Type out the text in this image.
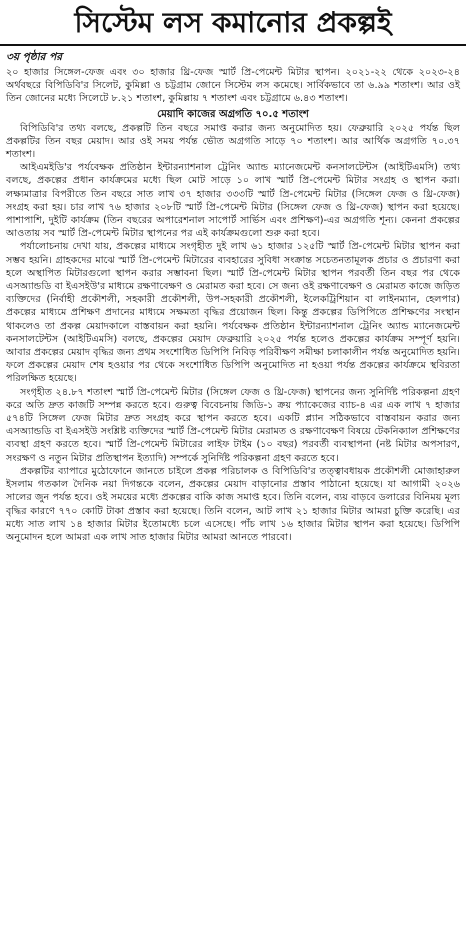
সিস্টেম লস কমানোর প্রকল্পই
৩য় পৃষ্ঠার পর

২০ হাজার সিঙ্গেল-ফেজ এবং ৩০ হাজার থ্রি-ফেজ স্মার্ট প্রি-পেমেন্ট মিটার স্থাপন। ২০২১-২২ থেকে ২০২৩-২৪ অর্থবছরে বিপিডিবি'র সিলেট, কুমিল্লা ও চট্টগ্রাম জোনে সিস্টেম লস কমেছে। সার্বিকভাবে তা ৬.৯৯ শতাংশ। আর ওই তিন জোনের মধ্যে সিলেটে ৮.২১ শতাংশ, কুমিল্লায় ৭ শতাংশ এবং চট্টগ্রামে ৬.৪৩ শতাংশ।

মেয়াদি কাজের অগ্রগতি ৭০.৫ শতাংশ

বিপিডিবি'র তথ্য বলছে, প্রকল্পটি তিন বছরে সমাপ্ত করার জন্য অনুমোদিত হয়। ফেব্রুয়ারি ২০২৫ পর্যন্ত ছিল প্রকল্পটির তিন বছর মেয়াদ। আর ওই সময় পর্যন্ত ভৌত অগ্রগতি সাড়ে ৭০ শতাংশ। আর আর্থিক অগ্রগতি ৭০.৩৭ শতাংশ।

আইএমইডি'র পর্যবেক্ষক প্রতিষ্ঠান ইন্টারন্যাশনাল ট্রেনিং অ্যান্ড ম্যানেজমেন্ট কনসালটেন্টস (আইটিএমসি) তথ্য বলছে, প্রকল্পের প্রধান কার্যক্রমের মধ্যে ছিল মোট সাড়ে ১০ লাখ স্মার্ট প্রি-পেমেন্ট মিটার সংগ্রহ ও স্থাপন করা। লক্ষ্যমাত্রার বিপরীতে তিন বছরে সাত লাখ ৩৭ হাজার ৩৩৩টি স্মার্ট প্রি-পেমেন্ট মিটার (সিঙ্গেল ফেজ ও থ্রি-ফেজ) সংগ্রহ করা হয়। চার লাখ ৭৬ হাজার ২০৮টি স্মার্ট প্রি-পেমেন্ট মিটার (সিঙ্গেল ফেজ ও থ্রি-ফেজ) স্থাপন করা হয়েছে। পাশাপাশি, দুইটি কার্যক্রম (তিন বছরের অপারেশনাল সাপোর্ট সার্ভিস এবং প্রশিক্ষণ)-এর অগ্রগতি শূন্য। কেননা প্রকল্পের আওতায় সব স্মার্ট প্রি-পেমেন্ট মিটার স্থাপনের পর এই কার্যক্রমগুলো শুরু করা হবে।

পর্যালোচনায় দেখা যায়, প্রকল্পের মাধ্যমে সংগৃহীত দুই লাখ ৬১ হাজার ১২৫টি স্মার্ট প্রি-পেমেন্ট মিটার স্থাপন করা সম্ভব হয়নি। গ্রাহকদের মাঝে স্মার্ট প্রি-পেমেন্ট মিটারের ব্যবহারের সুবিধা সংক্রান্ত সচেতনতামূলক প্রচার ও প্রচারণা করা হলে অস্থাপিত মিটারগুলো স্থাপন করার সম্ভাবনা ছিল। স্মার্ট প্রি-পেমেন্ট মিটার স্থাপন পরবর্তী তিন বছর পর থেকে এসঅ্যান্ডডি বা ইএসইউ'র মাধ্যমে রক্ষণাবেক্ষণ ও মেরামত করা হবে। সে জন্য ওই রক্ষণাবেক্ষণ ও মেরামত কাজে জড়িত ব্যক্তিদের (নির্বাহী প্রকৌশলী, সহকারী প্রকৌশলী, উপ-সহকারী প্রকৌশলী, ইলেকট্রিশিয়ান বা লাইনম্যান, হেলপার) প্রকল্পের মাধ্যমে প্রশিক্ষণ প্রদানের মাধ্যমে সক্ষমতা বৃদ্ধির প্রয়োজন ছিল। কিন্তু প্রকল্পের ডিপিপিতে প্রশিক্ষণের সংস্থান থাকলেও তা প্রকল্প মেয়াদকালে বাস্তবায়ন করা হয়নি। পর্যবেক্ষক প্রতিষ্ঠান ইন্টারন্যাশনাল ট্রেনিং অ্যান্ড ম্যানেজমেন্ট কনসালটেন্টস (আইটিএমসি) বলছে, প্রকল্পের মেয়াদ ফেব্রুয়ারি ২০২৫ পর্যন্ত হলেও প্রকল্পের কার্যক্রম সম্পূর্ণ হয়নি। আবার প্রকল্পের মেয়াদ বৃদ্ধির জন্য প্রথম সংশোধিত ডিপিপি নিবিড় পরিবীক্ষণ সমীক্ষা চলাকালীন পর্যন্ত অনুমোদিত হয়নি। ফলে প্রকল্পের মেয়াদ শেষ হওয়ার পর থেকে সংশোধিত ডিপিপি অনুমোদিত না হওয়া পর্যন্ত প্রকল্পের কার্যক্রমে স্থবিরতা পরিলক্ষিত হয়েছে।

সংগৃহীত ২৪.৮৭ শতাংশ স্মার্ট প্রি-পেমেন্ট মিটার (সিঙ্গেল ফেজ ও থ্রি-ফেজ) স্থাপনের জন্য সুনির্দিষ্ট পরিকল্পনা গ্রহণ করে অতি দ্রুত কাজটি সম্পন্ন করতে হবে। গুরুত্ব বিবেচনায় জিডি-১ ক্রয় প্যাকেজের ব্যাচ-৪ এর এক লাখ ৭ হাজার ৫৭৪টি সিঙ্গেল ফেজ মিটার দ্রুত সংগ্রহ করে স্থাপন করতে হবে। একটি প্ল্যান সঠিকভাবে বাস্তবায়ন করার জন্য এসঅ্যান্ডডি বা ইএসইউ সংশ্লিষ্ট ব্যক্তিদের স্মার্ট প্রি-পেমেন্ট মিটার মেরামত ও রক্ষণাবেক্ষণ বিষয়ে টেকনিক্যাল প্রশিক্ষণের ব্যবস্থা গ্রহণ করতে হবে। স্মার্ট প্রি-পেমেন্ট মিটারের লাইফ টাইম (১০ বছর) পরবর্তী ব্যবস্থাপনা (নষ্ট মিটার অপসারণ, সংরক্ষণ ও নতুন মিটার প্রতিস্থাপন ইত্যাদি) সম্পর্কে সুনির্দিষ্ট পরিকল্পনা গ্রহণ করতে হবে।

প্রকল্পটির ব্যাপারে মুঠোফোনে জানতে চাইলে প্রকল্প পরিচালক ও বিপিডিবি'র তত্ত্বাবধায়ক প্রকৌশলী মোজাহারুল ইসলাম গতকাল দৈনিক নয়া দিগন্তকে বলেন, প্রকল্পের মেয়াদ বাড়ানোর প্রস্তাব পাঠানো হয়েছে। যা আগামী ২০২৬ সালের জুন পর্যন্ত হবে। ওই সময়ের মধ্যে প্রকল্পের বাকি কাজ সমাপ্ত হবে। তিনি বলেন, ব্যয় বাড়বে ডলারের বিনিময় মূল্য বৃদ্ধির কারণে ৭৭০ কোটি টাকা প্রস্তাব করা হয়েছে। তিনি বলেন, আট লাখ ২১ হাজার মিটার আমরা চুক্তি করেছি। এর মধ্যে সাত লাখ ১৪ হাজার মিটার ইতোমধ্যে চলে এসেছে। পাঁচ লাখ ১৬ হাজার মিটার স্থাপন করা হয়েছে। ডিপিপি অনুমোদন হলে আমরা এক লাখ সাত হাজার মিটার আমরা আনতে পারবো।
